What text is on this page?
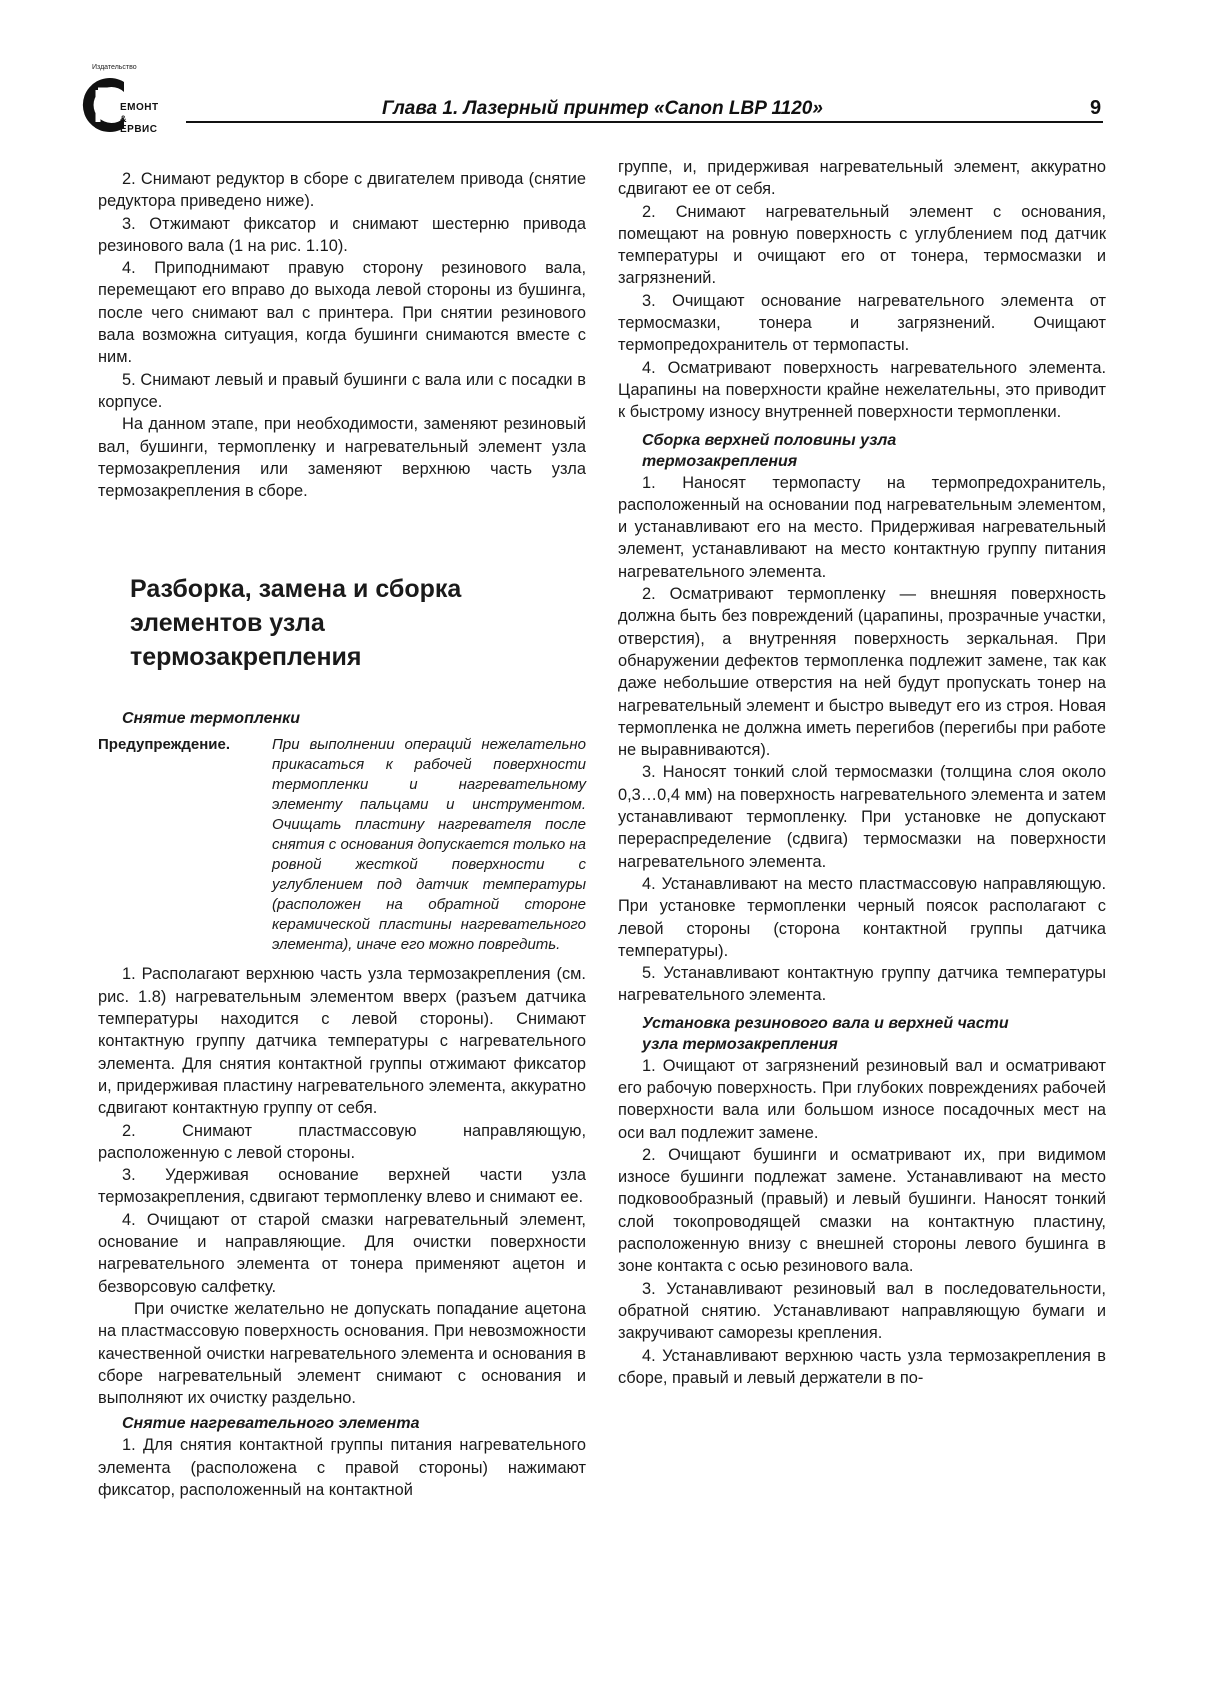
Издательство
ЕМОНТ
&
ЕРВИС
Глава 1. Лазерный принтер «Canon LBP 1120»	9

2. Снимают редуктор в сборе с двигателем привода (снятие редуктора приведено ниже).

3. Отжимают фиксатор и снимают шестерню привода резинового вала (1 на рис. 1.10).

4. Приподнимают правую сторону резинового вала, перемещают его вправо до выхода левой стороны из бушинга, после чего снимают вал с принтера. При снятии резинового вала возможна ситуация, когда бушинги снимаются вместе с ним.

5. Снимают левый и правый бушинги с вала или с посадки в корпусе.

На данном этапе, при необходимости, заменяют резиновый вал, бушинги, термопленку и нагревательный элемент узла термозакрепления или заменяют верхнюю часть узла термозакрепления в сборе.

Разборка, замена и сборка
элементов узла
термозакрепления
Снятие термопленки
Предупреждение.	При выполнении операций нежелательно прикасаться к рабочей поверхности термопленки и нагревательному элементу пальцами и инструментом. Очищать пластину нагревателя после снятия с основания допускается только на ровной жесткой поверхности с углублением под датчик температуры (расположен на обратной стороне керамической пластины нагревательного элемента), иначе его можно повредить.

1. Располагают верхнюю часть узла термозакрепления (см. рис. 1.8) нагревательным элементом вверх (разъем датчика температуры находится с левой стороны). Снимают контактную группу датчика температуры с нагревательного элемента. Для снятия контактной группы отжимают фиксатор и, придерживая пластину нагревательного элемента, аккуратно сдвигают контактную группу от себя.

2. Снимают пластмассовую направляющую, расположенную с левой стороны.

3. Удерживая основание верхней части узла термозакрепления, сдвигают термопленку влево и снимают ее.

4. Очищают от старой смазки нагревательный элемент, основание и направляющие. Для очистки поверхности нагревательного элемента от тонера применяют ацетон и безворсовую салфетку.

При очистке желательно не допускать попадание ацетона на пластмассовую поверхность основания. При невозможности качественной очистки нагревательного элемента и основания в сборе нагревательный элемент снимают с основания и выполняют их очистку раздельно.

Снятие нагревательного элемента

1. Для снятия контактной группы питания нагревательного элемента (расположена с правой стороны) нажимают фиксатор, расположенный на контактной

группе, и, придерживая нагревательный элемент, аккуратно сдвигают ее от себя.

2. Снимают нагревательный элемент с основания, помещают на ровную поверхность с углублением под датчик температуры и очищают его от тонера, термосмазки и загрязнений.

3. Очищают основание нагревательного элемента от термосмазки, тонера и загрязнений. Очищают термопредохранитель от термопасты.

4. Осматривают поверхность нагревательного элемента. Царапины на поверхности крайне нежелательны, это приводит к быстрому износу внутренней поверхности термопленки.

Сборка верхней половины узла
термозакрепления

1. Наносят термопасту на термопредохранитель, расположенный на основании под нагревательным элементом, и устанавливают его на место. Придерживая нагревательный элемент, устанавливают на место контактную группу питания нагревательного элемента.

2. Осматривают термопленку — внешняя поверхность должна быть без повреждений (царапины, прозрачные участки, отверстия), а внутренняя поверхность зеркальная. При обнаружении дефектов термопленка подлежит замене, так как даже небольшие отверстия на ней будут пропускать тонер на нагревательный элемент и быстро выведут его из строя. Новая термопленка не должна иметь перегибов (перегибы при работе не выравниваются).

3. Наносят тонкий слой термосмазки (толщина слоя около 0,3…0,4 мм) на поверхность нагревательного элемента и затем устанавливают термопленку. При установке не допускают перераспределение (сдвига) термосмазки на поверхности нагревательного элемента.

4. Устанавливают на место пластмассовую направляющую. При установке термопленки черный поясок располагают с левой стороны (сторона контактной группы датчика температуры).

5. Устанавливают контактную группу датчика температуры нагревательного элемента.

Установка резинового вала и верхней части
узла термозакрепления

1. Очищают от загрязнений резиновый вал и осматривают его рабочую поверхность. При глубоких повреждениях рабочей поверхности вала или большом износе посадочных мест на оси вал подлежит замене.

2. Очищают бушинги и осматривают их, при видимом износе бушинги подлежат замене. Устанавливают на место подковообразный (правый) и левый бушинги. Наносят тонкий слой токопроводящей смазки на контактную пластину, расположенную внизу с внешней стороны левого бушинга в зоне контакта с осью резинового вала.

3. Устанавливают резиновый вал в последовательности, обратной снятию. Устанавливают направляющую бумаги и закручивают саморезы крепления.

4. Устанавливают верхнюю часть узла термозакрепления в сборе, правый и левый держатели в по-
